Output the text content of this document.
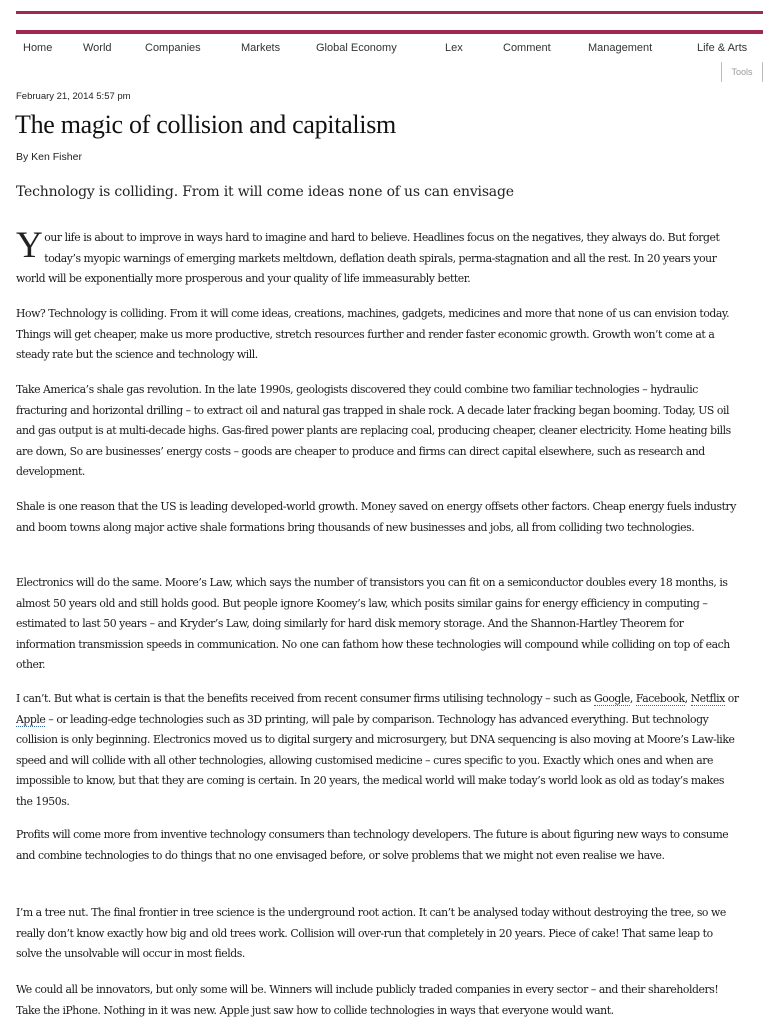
Home	World	Companies	Markets	Global Economy	Lex	Comment	Management	Life & Arts
Tools
February 21, 2014 5:57 pm
The magic of collision and capitalism
By Ken Fisher
Technology is colliding. From it will come ideas none of us can envisage
Your life is about to improve in ways hard to imagine and hard to believe. Headlines focus on the negatives, they always do. But forget today’s myopic warnings of emerging markets meltdown, deflation death spirals, perma-stagnation and all the rest. In 20 years your world will be exponentially more prosperous and your quality of life immeasurably better.
How? Technology is colliding. From it will come ideas, creations, machines, gadgets, medicines and more that none of us can envision today. Things will get cheaper, make us more productive, stretch resources further and render faster economic growth. Growth won’t come at a steady rate but the science and technology will.
Take America’s shale gas revolution. In the late 1990s, geologists discovered they could combine two familiar technologies – hydraulic fracturing and horizontal drilling – to extract oil and natural gas trapped in shale rock. A decade later fracking began booming. Today, US oil and gas output is at multi-decade highs. Gas-fired power plants are replacing coal, producing cheaper, cleaner electricity. Home heating bills are down, So are businesses’ energy costs – goods are cheaper to produce and firms can direct capital elsewhere, such as research and development.
Shale is one reason that the US is leading developed-world growth. Money saved on energy offsets other factors. Cheap energy fuels industry and boom towns along major active shale formations bring thousands of new businesses and jobs, all from colliding two technologies.
Electronics will do the same. Moore’s Law, which says the number of transistors you can fit on a semiconductor doubles every 18 months, is almost 50 years old and still holds good. But people ignore Koomey’s law, which posits similar gains for energy efficiency in computing – estimated to last 50 years – and Kryder’s Law, doing similarly for hard disk memory storage. And the Shannon-Hartley Theorem for information transmission speeds in communication. No one can fathom how these technologies will compound while colliding on top of each other.
I can’t. But what is certain is that the benefits received from recent consumer firms utilising technology – such as Google, Facebook, Netflix or Apple – or leading-edge technologies such as 3D printing, will pale by comparison. Technology has advanced everything. But technology collision is only beginning. Electronics moved us to digital surgery and microsurgery, but DNA sequencing is also moving at Moore’s Law-like speed and will collide with all other technologies, allowing customised medicine – cures specific to you. Exactly which ones and when are impossible to know, but that they are coming is certain. In 20 years, the medical world will make today’s world look as old as today’s makes the 1950s.
Profits will come more from inventive technology consumers than technology developers. The future is about figuring new ways to consume and combine technologies to do things that no one envisaged before, or solve problems that we might not even realise we have.
I’m a tree nut. The final frontier in tree science is the underground root action. It can’t be analysed today without destroying the tree, so we really don’t know exactly how big and old trees work. Collision will over-run that completely in 20 years. Piece of cake! That same leap to solve the unsolvable will occur in most fields.
We could all be innovators, but only some will be. Winners will include publicly traded companies in every sector – and their shareholders! Take the iPhone. Nothing in it was new. Apple just saw how to collide technologies in ways that everyone would want.
